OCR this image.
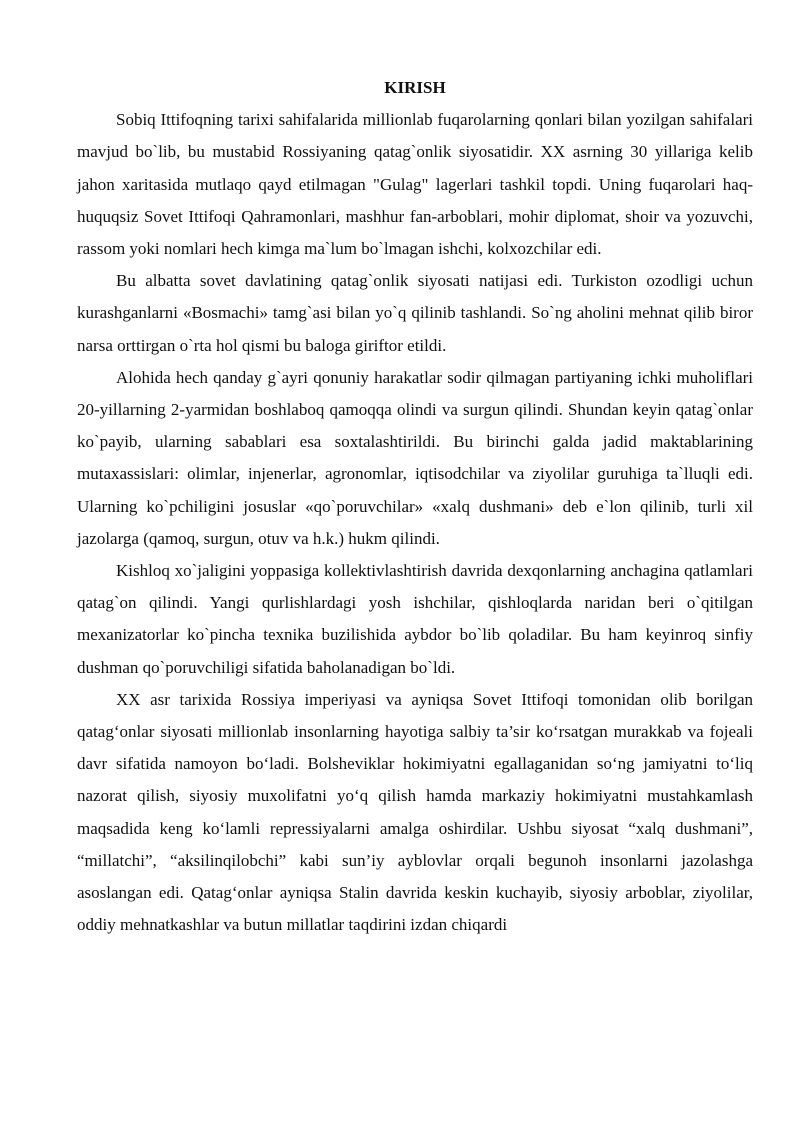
KIRISH

Sobiq Ittifoqning tarixi sahifalarida millionlab fuqarolarning qonlari bilan yozilgan sahifalari mavjud bo`lib, bu mustabid Rossiyaning qatag`onlik siyosatidir. XX asrning 30 yillariga kelib jahon xaritasida mutlaqo qayd etilmagan "Gulag" lagerlari tashkil topdi. Uning fuqarolari haq-huquqsiz Sovet Ittifoqi Qahramonlari, mashhur fan-arboblari, mohir diplomat, shoir va yozuvchi, rassom yoki nomlari hech kimga ma`lum bo`lmagan ishchi, kolxozchilar edi.

Bu albatta sovet davlatining qatag`onlik siyosati natijasi edi. Turkiston ozodligi uchun kurashganlarni «Bosmachi» tamg`asi bilan yo`q qilinib tashlandi. So`ng aholini mehnat qilib biror narsa orttirgan o`rta hol qismi bu baloga giriftor etildi.

Alohida hech qanday g`ayri qonuniy harakatlar sodir qilmagan partiyaning ichki muholiflari 20-yillarning 2-yarmidan boshlaboq qamoqqa olindi va surgun qilindi. Shundan keyin qatag`onlar ko`payib, ularning sabablari esa soxtalashtirildi. Bu birinchi galda jadid maktablarining mutaxassislari: olimlar, injenerlar, agronomlar, iqtisodchilar va ziyolilar guruhiga ta`lluqli edi. Ularning ko`pchiligini josuslar «qo`poruvchilar» «xalq dushmani» deb e`lon qilinib, turli xil jazolarga (qamoq, surgun, otuv va h.k.) hukm qilindi.

Kishloq xo`jaligini yoppasiga kollektivlashtirish davrida dexqonlarning anchagina qatlamlari qatag`on qilindi. Yangi qurlishlardagi yosh ishchilar, qishloqlarda naridan beri o`qitilgan mexanizatorlar ko`pincha texnika buzilishida aybdor bo`lib qoladilar. Bu ham keyinroq sinfiy dushman qo`poruvchiligi sifatida baholanadigan bo`ldi.

XX asr tarixida Rossiya imperiyasi va ayniqsa Sovet Ittifoqi tomonidan olib borilgan qatag‘onlar siyosati millionlab insonlarning hayotiga salbiy ta’sir ko‘rsatgan murakkab va fojeali davr sifatida namoyon bo‘ladi. Bolsheviklar hokimiyatni egallaganidan so‘ng jamiyatni to‘liq nazorat qilish, siyosiy muxolifatni yo‘q qilish hamda markaziy hokimiyatni mustahkamlash maqsadida keng ko‘lamli repressiyalarni amalga oshirdilar. Ushbu siyosat “xalq dushmani”, “millatchi”, “aksilinqilobchi” kabi sun’iy ayblovlar orqali begunoh insonlarni jazolashga asoslangan edi. Qatag‘onlar ayniqsa Stalin davrida keskin kuchayib, siyosiy arboblar, ziyolilar, oddiy mehnatkashlar va butun millatlar taqdirini izdan chiqardi
